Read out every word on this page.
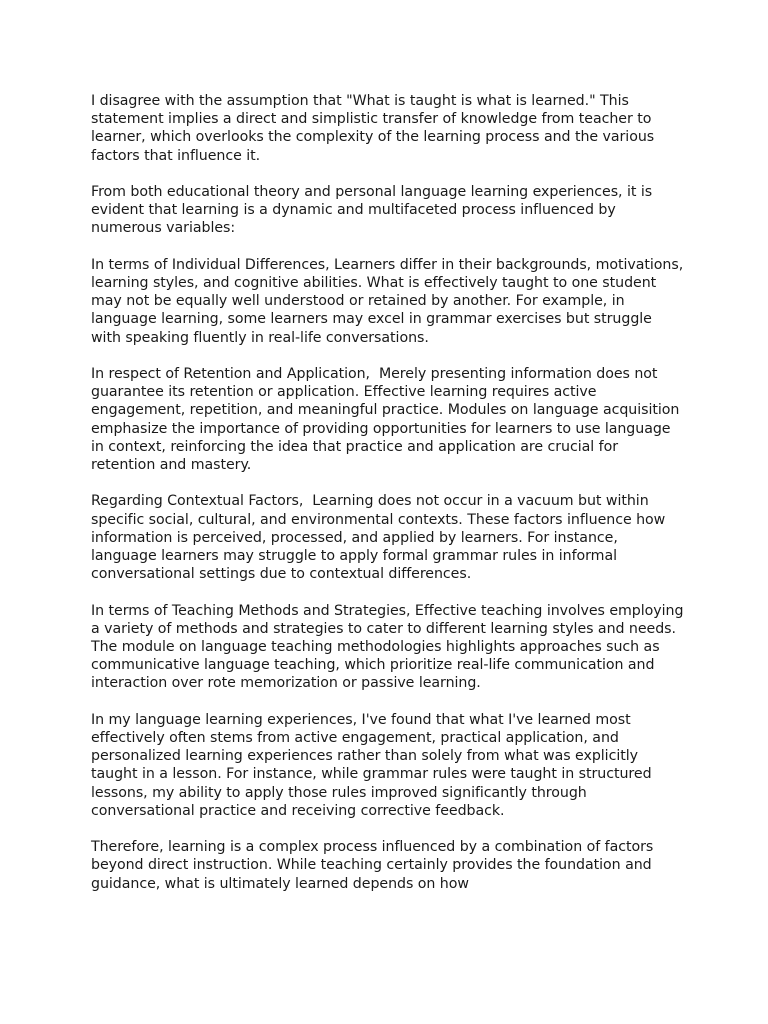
I disagree with the assumption that "What is taught is what is learned." This statement implies a direct and simplistic transfer of knowledge from teacher to learner, which overlooks the complexity of the learning process and the various factors that influence it.

From both educational theory and personal language learning experiences, it is evident that learning is a dynamic and multifaceted process influenced by numerous variables:

In terms of Individual Differences, Learners differ in their backgrounds, motivations, learning styles, and cognitive abilities. What is effectively taught to one student may not be equally well understood or retained by another. For example, in language learning, some learners may excel in grammar exercises but struggle with speaking fluently in real-life conversations.

In respect of Retention and Application,  Merely presenting information does not guarantee its retention or application. Effective learning requires active engagement, repetition, and meaningful practice. Modules on language acquisition emphasize the importance of providing opportunities for learners to use language in context, reinforcing the idea that practice and application are crucial for retention and mastery.

Regarding Contextual Factors,  Learning does not occur in a vacuum but within specific social, cultural, and environmental contexts. These factors influence how information is perceived, processed, and applied by learners. For instance, language learners may struggle to apply formal grammar rules in informal conversational settings due to contextual differences.

In terms of Teaching Methods and Strategies, Effective teaching involves employing a variety of methods and strategies to cater to different learning styles and needs. The module on language teaching methodologies highlights approaches such as communicative language teaching, which prioritize real-life communication and interaction over rote memorization or passive learning.

In my language learning experiences, I've found that what I've learned most effectively often stems from active engagement, practical application, and personalized learning experiences rather than solely from what was explicitly taught in a lesson. For instance, while grammar rules were taught in structured lessons, my ability to apply those rules improved significantly through conversational practice and receiving corrective feedback.

Therefore, learning is a complex process influenced by a combination of factors beyond direct instruction. While teaching certainly provides the foundation and guidance, what is ultimately learned depends on how
